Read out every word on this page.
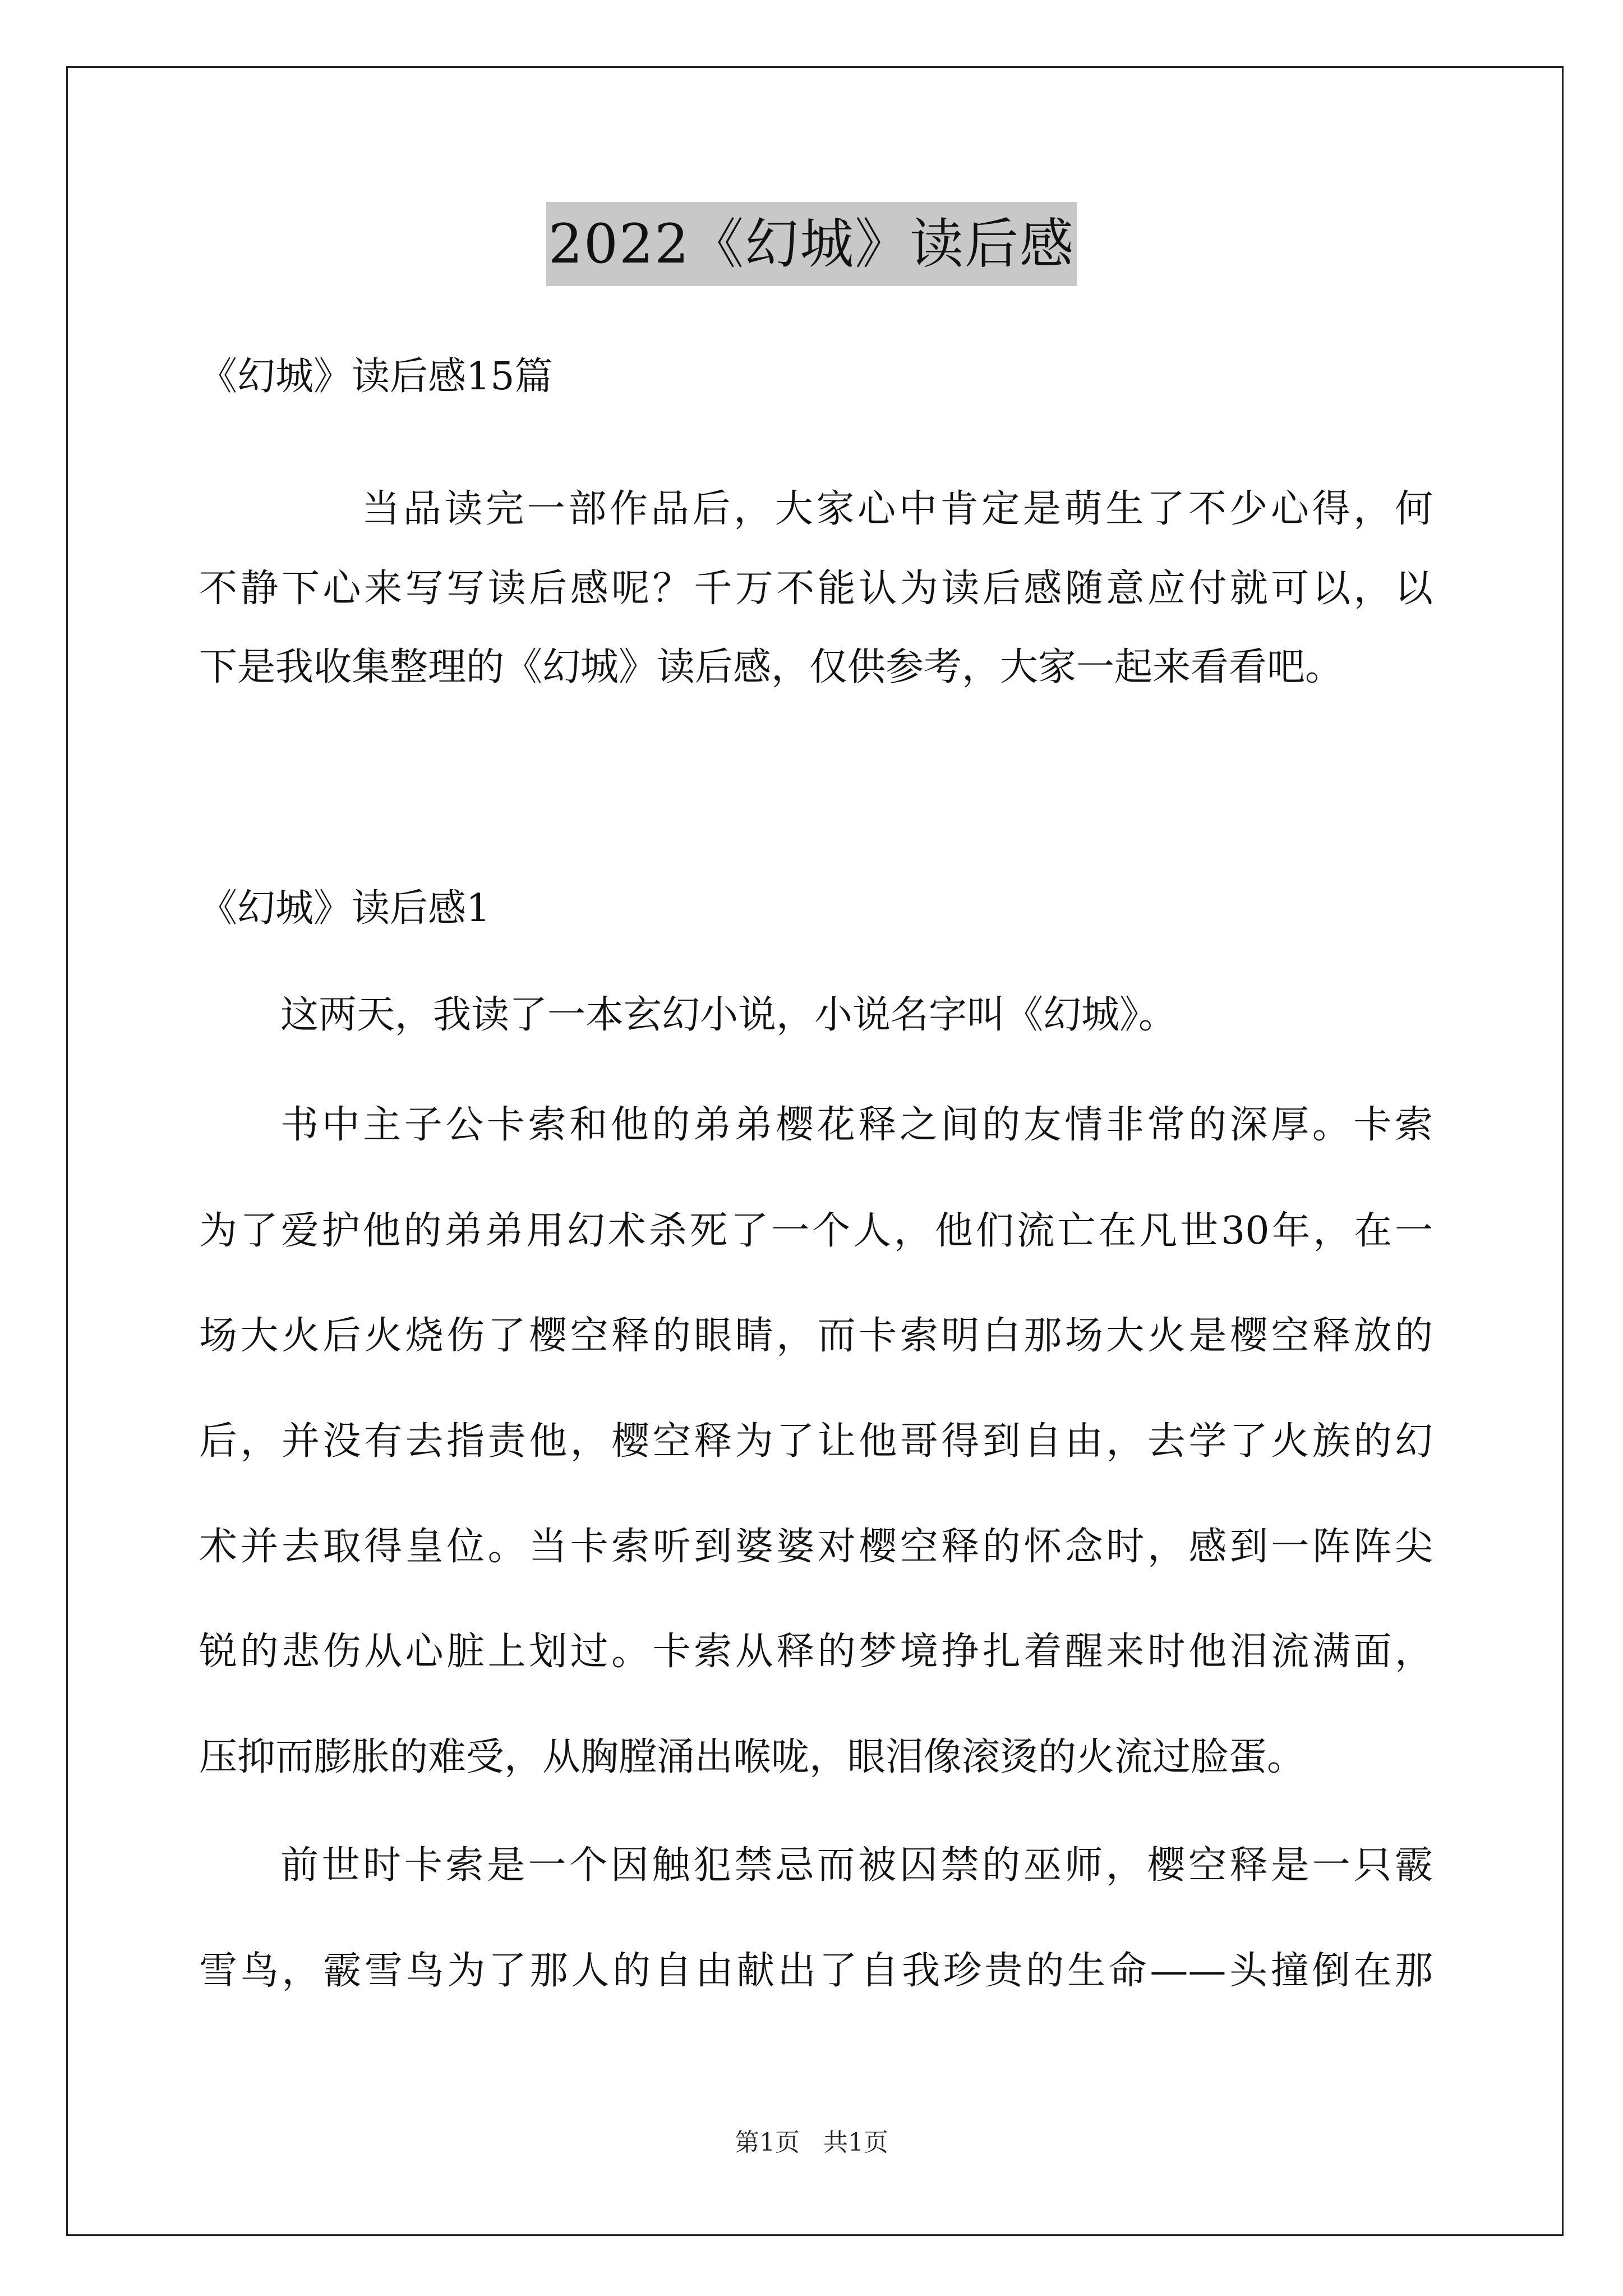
2022《幻城》读后感
《幻城》读后感15篇
当品读完一部作品后，大家心中肯定是萌生了不少心得，何
不静下心来写写读后感呢？千万不能认为读后感随意应付就可以，以
下是我收集整理的《幻城》读后感，仅供参考，大家一起来看看吧。
《幻城》读后感1
这两天，我读了一本玄幻小说，小说名字叫《幻城》。
书中主子公卡索和他的弟弟樱花释之间的友情非常的深厚。卡索
为了爱护他的弟弟用幻术杀死了一个人，他们流亡在凡世30年，在一
场大火后火烧伤了樱空释的眼睛，而卡索明白那场大火是樱空释放的
后，并没有去指责他，樱空释为了让他哥得到自由，去学了火族的幻
术并去取得皇位。当卡索听到婆婆对樱空释的怀念时，感到一阵阵尖
锐的悲伤从心脏上划过。卡索从释的梦境挣扎着醒来时他泪流满面，
压抑而膨胀的难受，从胸膛涌出喉咙，眼泪像滚烫的火流过脸蛋。
前世时卡索是一个因触犯禁忌而被囚禁的巫师，樱空释是一只霰
雪鸟，霰雪鸟为了那人的自由献出了自我珍贵的生命——头撞倒在那
第1页 共1页
